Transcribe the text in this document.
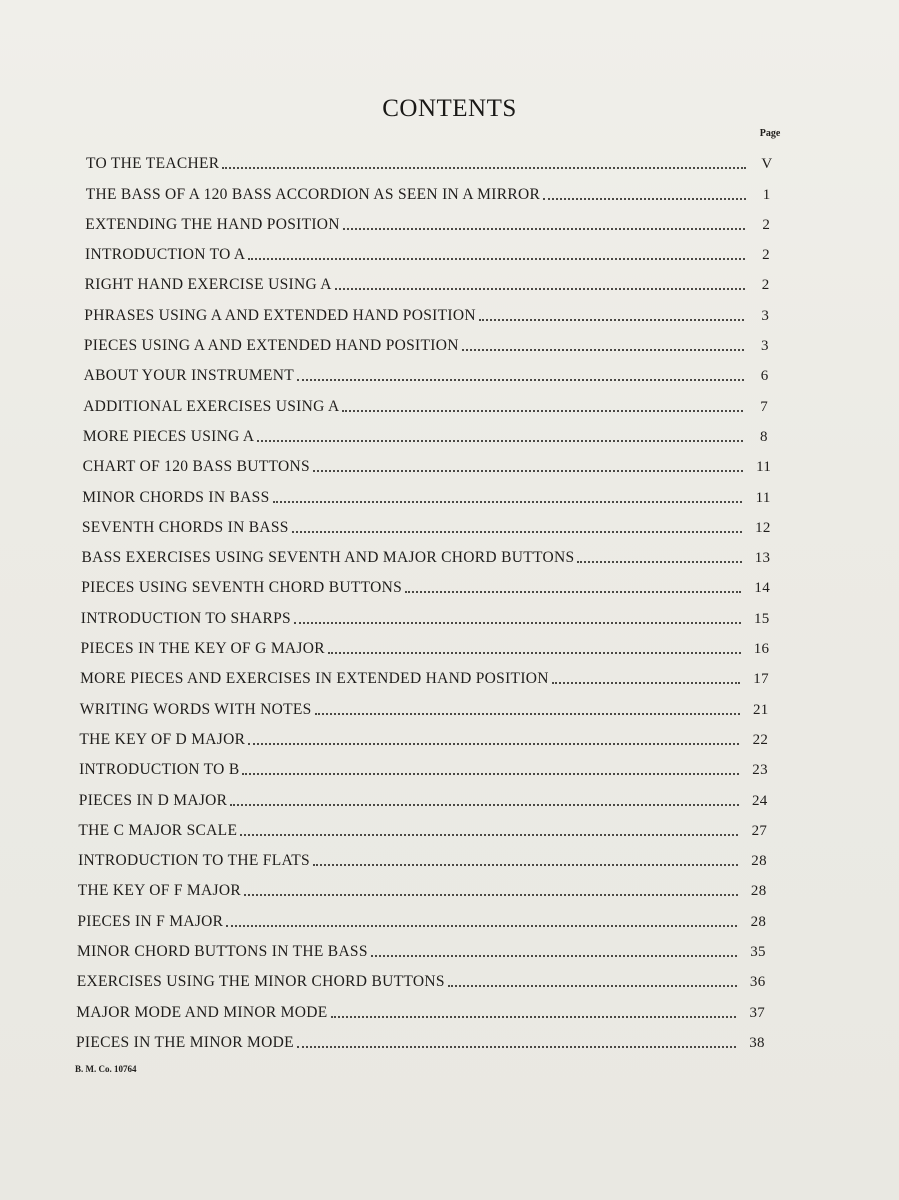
CONTENTS
Page
TO THE TEACHER	V
THE BASS OF A 120 BASS ACCORDION AS SEEN IN A MIRROR	1
EXTENDING THE HAND POSITION	2
INTRODUCTION TO A	2
RIGHT HAND EXERCISE USING A	2
PHRASES USING A AND EXTENDED HAND POSITION	3
PIECES USING A AND EXTENDED HAND POSITION	3
ABOUT YOUR INSTRUMENT	6
ADDITIONAL EXERCISES USING A	7
MORE PIECES USING A	8
CHART OF 120 BASS BUTTONS	11
MINOR CHORDS IN BASS	11
SEVENTH CHORDS IN BASS	12
BASS EXERCISES USING SEVENTH AND MAJOR CHORD BUTTONS	13
PIECES USING SEVENTH CHORD BUTTONS	14
INTRODUCTION TO SHARPS	15
PIECES IN THE KEY OF G MAJOR	16
MORE PIECES AND EXERCISES IN EXTENDED HAND POSITION	17
WRITING WORDS WITH NOTES	21
THE KEY OF D MAJOR	22
INTRODUCTION TO B	23
PIECES IN D MAJOR	24
THE C MAJOR SCALE	27
INTRODUCTION TO THE FLATS	28
THE KEY OF F MAJOR	28
PIECES IN F MAJOR	28
MINOR CHORD BUTTONS IN THE BASS	35
EXERCISES USING THE MINOR CHORD BUTTONS	36
MAJOR MODE AND MINOR MODE	37
PIECES IN THE MINOR MODE	38
B. M. Co. 10764
